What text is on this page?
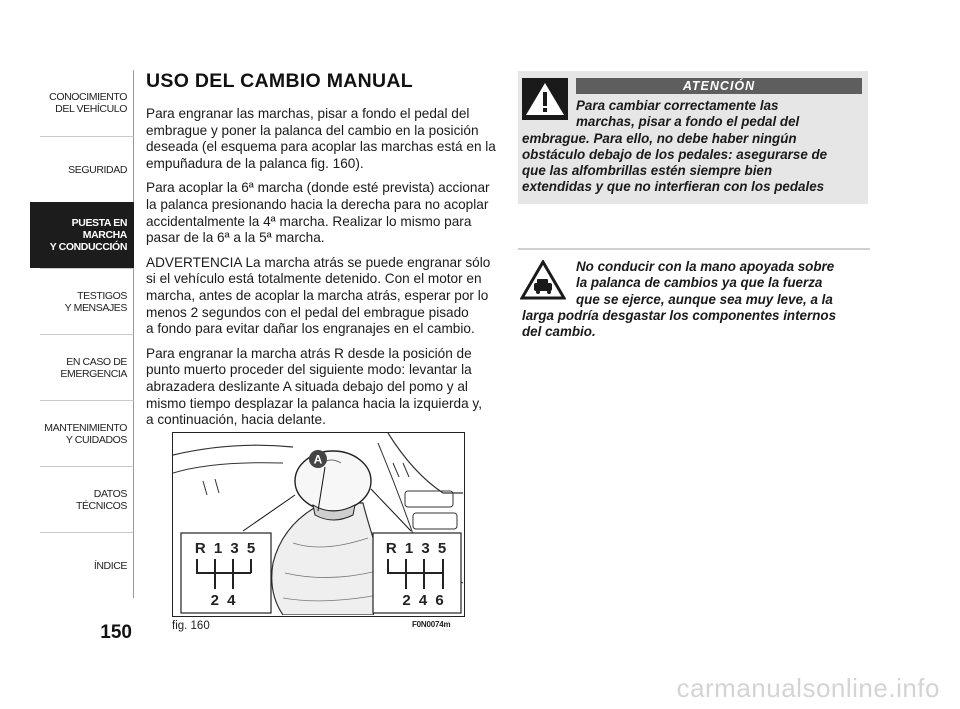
CONOCIMIENTO
DEL VEHÍCULO
SEGURIDAD
PUESTA EN
MARCHA
Y CONDUCCIÓN
TESTIGOS
Y MENSAJES
EN CASO DE
EMERGENCIA
MANTENIMIENTO
Y CUIDADOS
DATOS
TÉCNICOS
ÍNDICE
150
USO DEL CAMBIO MANUAL

Para engranar las marchas, pisar a fondo el pedal del
embrague y poner la palanca del cambio en la posición
deseada (el esquema para acoplar las marchas está en la
empuñadura de la palanca fig. 160).

Para acoplar la 6ª marcha (donde esté prevista) accionar
la palanca presionando hacia la derecha para no acoplar
accidentalmente la 4ª marcha. Realizar lo mismo para
pasar de la 6ª a la 5ª marcha.

ADVERTENCIA La marcha atrás se puede engranar sólo
si el vehículo está totalmente detenido. Con el motor en
marcha, antes de acoplar la marcha atrás, esperar por lo
menos 2 segundos con el pedal del embrague pisado
a fondo para evitar dañar los engranajes en el cambio.

Para engranar la marcha atrás R desde la posición de
punto muerto proceder del siguiente modo: levantar la
abrazadera deslizante A situada debajo del pomo y al
mismo tiempo desplazar la palanca hacia la izquierda y,
a continuación, hacia delante.

A
R 1 3 5
2 4
R 1 3 5
2 4 6
fig. 160	F0N0074m
ATENCIÓN
Para cambiar correctamente las
marchas, pisar a fondo el pedal del
embrague. Para ello, no debe haber ningún
obstáculo debajo de los pedales: asegurarse de
que las alfombrillas estén siempre bien
extendidas y que no interfieran con los pedales
No conducir con la mano apoyada sobre
la palanca de cambios ya que la fuerza
que se ejerce, aunque sea muy leve, a la
larga podría desgastar los componentes internos
del cambio.
carmanualsonline.info
